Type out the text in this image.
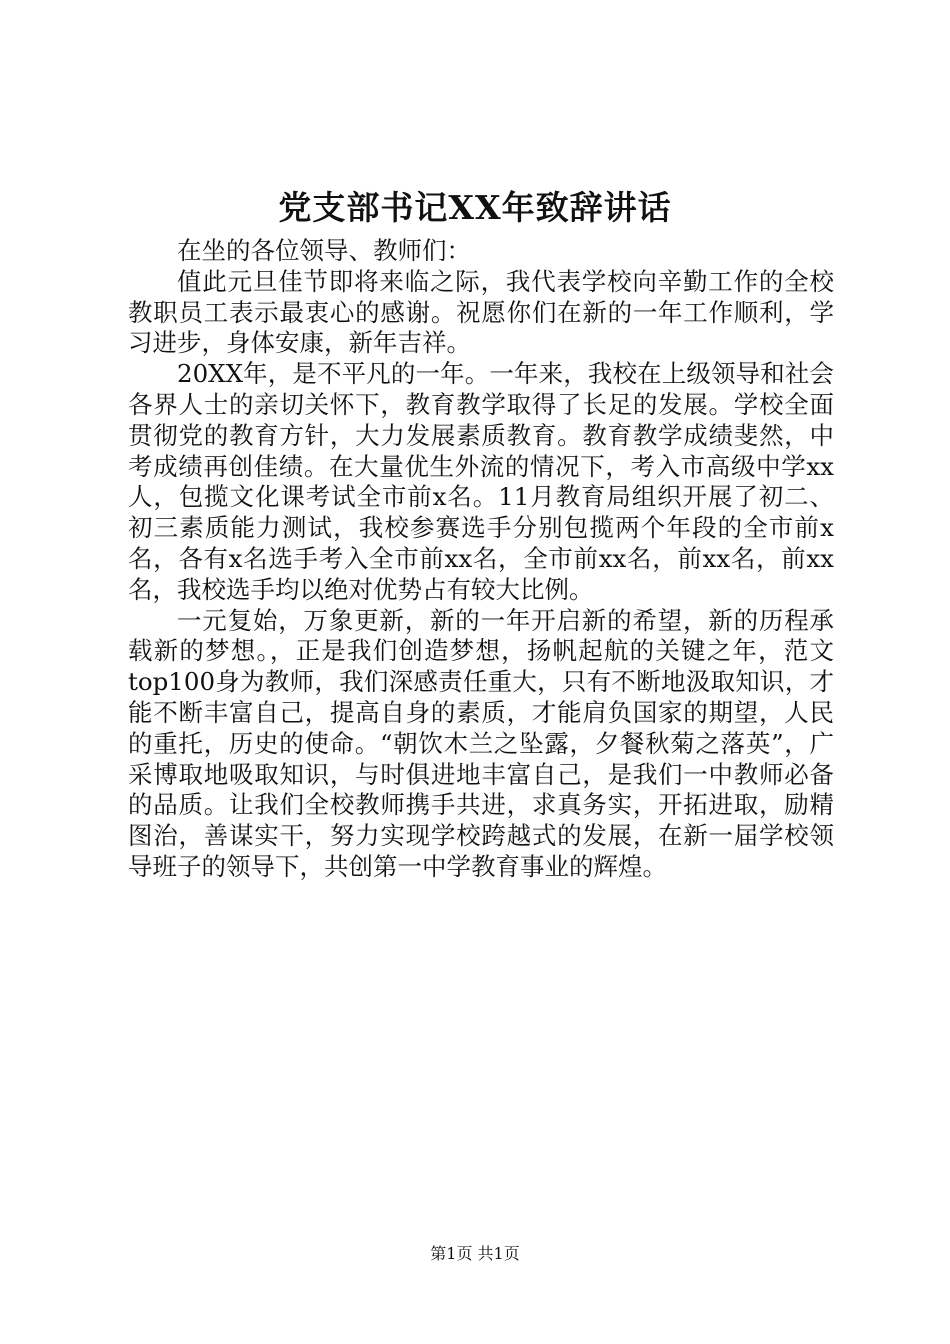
党支部书记XX年致辞讲话

在坐的各位领导、教师们：

值此元旦佳节即将来临之际，我代表学校向辛勤工作的全校教职员工表示最衷心的感谢。祝愿你们在新的一年工作顺利，学习进步，身体安康，新年吉祥。

20XX年，是不平凡的一年。一年来，我校在上级领导和社会各界人士的亲切关怀下，教育教学取得了长足的发展。学校全面贯彻党的教育方针，大力发展素质教育。教育教学成绩斐然，中考成绩再创佳绩。在大量优生外流的情况下，考入市高级中学xx人，包揽文化课考试全市前x名。11月教育局组织开展了初二、初三素质能力测试，我校参赛选手分别包揽两个年段的全市前x名，各有x名选手考入全市前xx名，全市前xx名，前xx名，前xx名，我校选手均以绝对优势占有较大比例。

一元复始，万象更新，新的一年开启新的希望，新的历程承载新的梦想。，正是我们创造梦想，扬帆起航的关键之年，范文top100身为教师，我们深感责任重大，只有不断地汲取知识，才能不断丰富自己，提高自身的素质，才能肩负国家的期望，人民的重托，历史的使命。“朝饮木兰之坠露，夕餐秋菊之落英”，广采博取地吸取知识，与时俱进地丰富自己，是我们一中教师必备的品质。让我们全校教师携手共进，求真务实，开拓进取，励精图治，善谋实干，努力实现学校跨越式的发展，在新一届学校领导班子的领导下，共创第一中学教育事业的辉煌。

第1页 共1页
